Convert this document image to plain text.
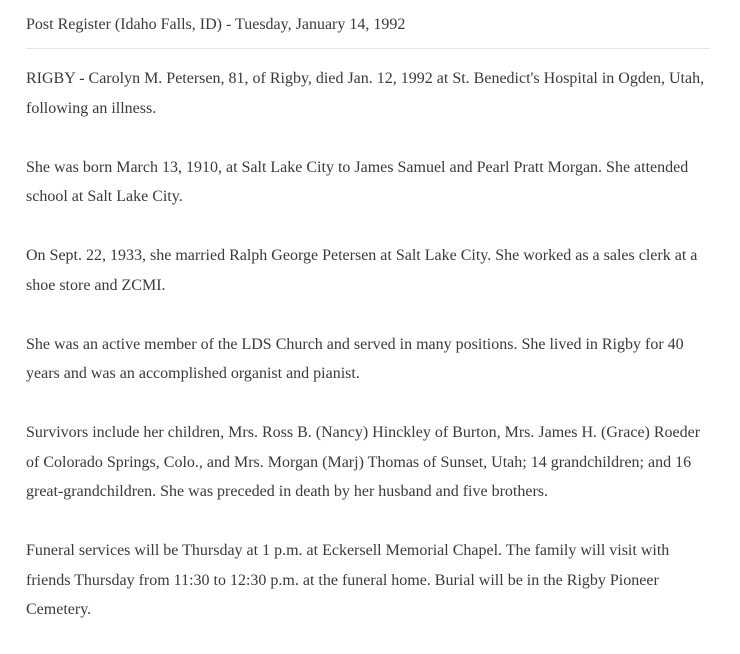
Post Register (Idaho Falls, ID) - Tuesday, January 14, 1992

RIGBY - Carolyn M. Petersen, 81, of Rigby, died Jan. 12, 1992 at St. Benedict's Hospital in Ogden, Utah, following an illness.

She was born March 13, 1910, at Salt Lake City to James Samuel and Pearl Pratt Morgan. She attended school at Salt Lake City.

On Sept. 22, 1933, she married Ralph George Petersen at Salt Lake City. She worked as a sales clerk at a shoe store and ZCMI.

She was an active member of the LDS Church and served in many positions. She lived in Rigby for 40 years and was an accomplished organist and pianist.

Survivors include her children, Mrs. Ross B. (Nancy) Hinckley of Burton, Mrs. James H. (Grace) Roeder of Colorado Springs, Colo., and Mrs. Morgan (Marj) Thomas of Sunset, Utah; 14 grandchildren; and 16 great-grandchildren. She was preceded in death by her husband and five brothers.

Funeral services will be Thursday at 1 p.m. at Eckersell Memorial Chapel. The family will visit with friends Thursday from 11:30 to 12:30 p.m. at the funeral home. Burial will be in the Rigby Pioneer Cemetery.
